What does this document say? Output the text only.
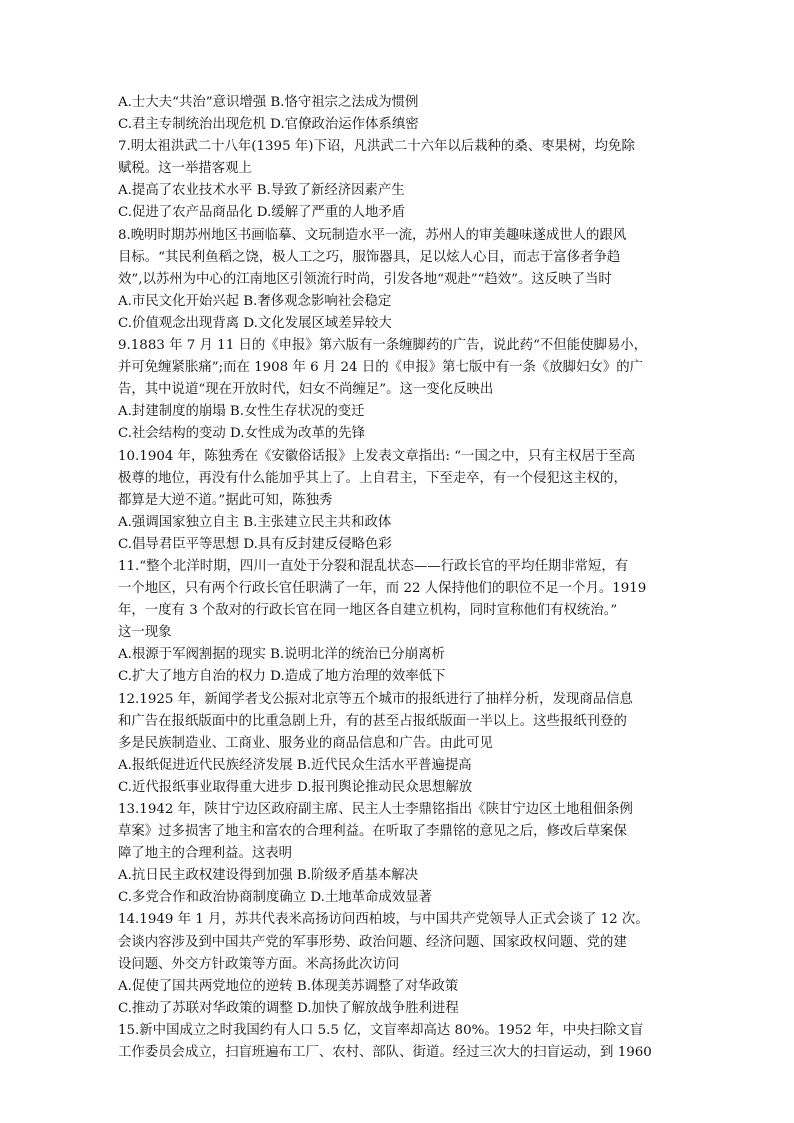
A.士大夫“共治”意识增强 B.恪守祖宗之法成为惯例
C.君主专制统治出现危机 D.官僚政治运作体系缜密
7.明太祖洪武二十八年(1395 年)下诏，凡洪武二十六年以后栽种的桑、枣果树，均免除
赋税。这一举措客观上
A.提高了农业技术水平 B.导致了新经济因素产生
C.促进了农产品商品化 D.缓解了严重的人地矛盾
8.晚明时期苏州地区书画临摹、文玩制造水平一流，苏州人的审美趣味遂成世人的跟风
目标。“其民利鱼稻之饶，极人工之巧，服饰器具，足以炫人心目，而志于富侈者争趋
效”,以苏州为中心的江南地区引领流行时尚，引发各地“观赴”“趋效”。这反映了当时
A.市民文化开始兴起 B.奢侈观念影响社会稳定
C.价值观念出现背离 D.文化发展区域差异较大
9.1883 年 7 月 11 日的《申报》第六版有一条缠脚药的广告，说此药“不但能使脚易小，
并可免缠紧胀痛”;而在 1908 年 6 月 24 日的《申报》第七版中有一条《放脚妇女》的广
告，其中说道“现在开放时代，妇女不尚缠足”。这一变化反映出
A.封建制度的崩塌 B.女性生存状况的变迁
C.社会结构的变动 D.女性成为改革的先锋
10.1904 年，陈独秀在《安徽俗话报》上发表文章指出: “一国之中，只有主权居于至高
极尊的地位，再没有什么能加乎其上了。上自君主，下至走卒，有一个侵犯这主权的，
都算是大逆不道。”据此可知，陈独秀
A.强调国家独立自主 B.主张建立民主共和政体
C.倡导君臣平等思想 D.具有反封建反侵略色彩
11.“整个北洋时期，四川一直处于分裂和混乱状态——行政长官的平均任期非常短，有
一个地区，只有两个行政长官任职满了一年，而 22 人保持他们的职位不足一个月。1919
年，一度有 3 个敌对的行政长官在同一地区各自建立机构，同时宣称他们有权统治。”
这一现象
A.根源于军阀割据的现实 B.说明北洋的统治已分崩离析
C.扩大了地方自治的权力 D.造成了地方治理的效率低下
12.1925 年，新闻学者戈公振对北京等五个城市的报纸进行了抽样分析，发现商品信息
和广告在报纸版面中的比重急剧上升，有的甚至占报纸版面一半以上。这些报纸刊登的
多是民族制造业、工商业、服务业的商品信息和广告。由此可见
A.报纸促进近代民族经济发展 B.近代民众生活水平普遍提高
C.近代报纸事业取得重大进步 D.报刊舆论推动民众思想解放
13.1942 年，陕甘宁边区政府副主席、民主人士李鼎铭指出《陕甘宁边区土地租佃条例
草案》过多损害了地主和富农的合理利益。在听取了李鼎铭的意见之后，修改后草案保
障了地主的合理利益。这表明
A.抗日民主政权建设得到加强 B.阶级矛盾基本解决
C.多党合作和政治协商制度确立 D.土地革命成效显著
14.1949 年 1 月，苏共代表米高扬访问西柏坡，与中国共产党领导人正式会谈了 12 次。
会谈内容涉及到中国共产党的军事形势、政治问题、经济问题、国家政权问题、党的建
设问题、外交方针政策等方面。米高扬此次访问
A.促使了国共两党地位的逆转 B.体现美苏调整了对华政策
C.推动了苏联对华政策的调整 D.加快了解放战争胜利进程
15.新中国成立之时我国约有人口 5.5 亿，文盲率却高达 80%。1952 年，中央扫除文盲
工作委员会成立，扫盲班遍布工厂、农村、部队、街道。经过三次大的扫盲运动，到 1960
